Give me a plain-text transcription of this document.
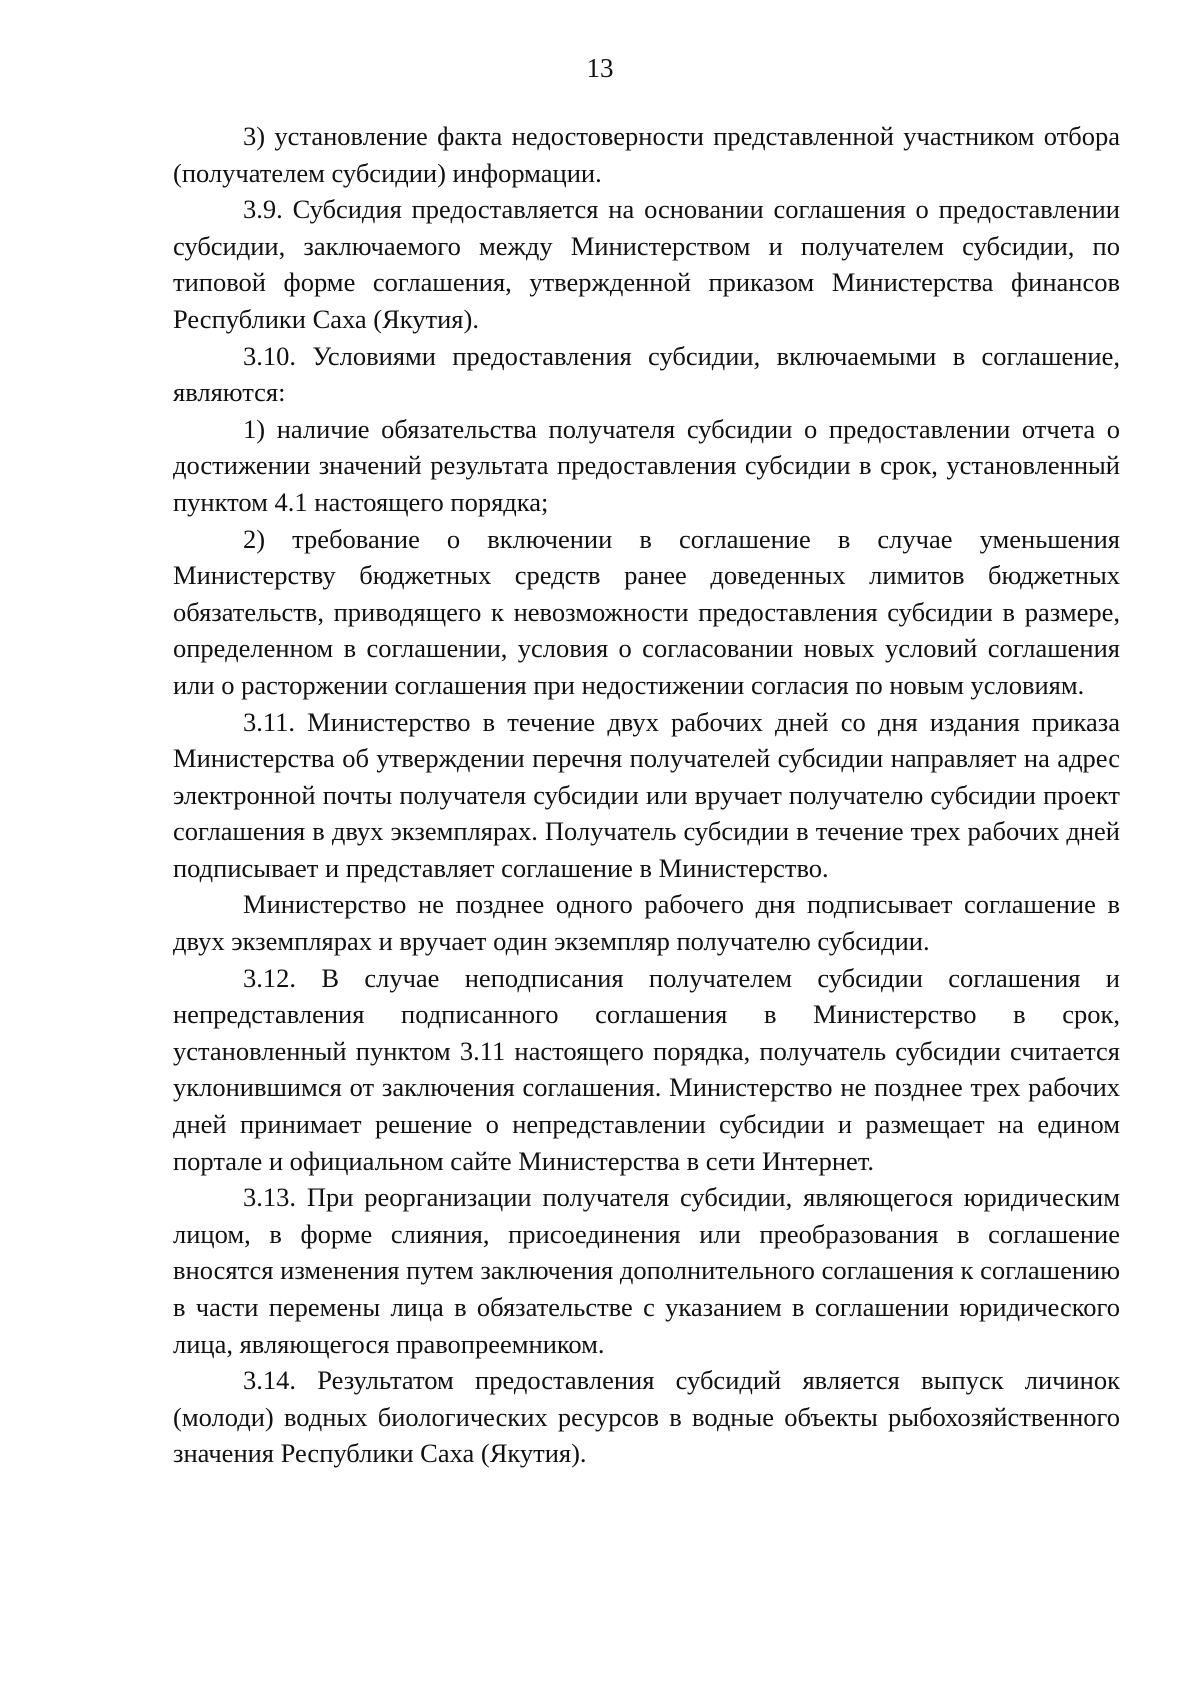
13

3) установление факта недостоверности представленной участником отбора (получателем субсидии) информации.

3.9. Субсидия предоставляется на основании соглашения о предоставлении субсидии, заключаемого между Министерством и получателем субсидии, по типовой форме соглашения, утвержденной приказом Министерства финансов Республики Саха (Якутия).

3.10. Условиями предоставления субсидии, включаемыми в соглашение, являются:

1) наличие обязательства получателя субсидии о предоставлении отчета о достижении значений результата предоставления субсидии в срок, установленный пунктом 4.1 настоящего порядка;

2) требование о включении в соглашение в случае уменьшения Министерству бюджетных средств ранее доведенных лимитов бюджетных обязательств, приводящего к невозможности предоставления субсидии в размере, определенном в соглашении, условия о согласовании новых условий соглашения или о расторжении соглашения при недостижении согласия по новым условиям.

3.11. Министерство в течение двух рабочих дней со дня издания приказа Министерства об утверждении перечня получателей субсидии направляет на адрес электронной почты получателя субсидии или вручает получателю субсидии проект соглашения в двух экземплярах. Получатель субсидии в течение трех рабочих дней подписывает и представляет соглашение в Министерство.

Министерство не позднее одного рабочего дня подписывает соглашение в двух экземплярах и вручает один экземпляр получателю субсидии.

3.12. В случае неподписания получателем субсидии соглашения и непредставления подписанного соглашения в Министерство в срок, установленный пунктом 3.11 настоящего порядка, получатель субсидии считается уклонившимся от заключения соглашения. Министерство не позднее трех рабочих дней принимает решение о непредставлении субсидии и размещает на едином портале и официальном сайте Министерства в сети Интернет.

3.13. При реорганизации получателя субсидии, являющегося юридическим лицом, в форме слияния, присоединения или преобразования в соглашение вносятся изменения путем заключения дополнительного соглашения к соглашению в части перемены лица в обязательстве с указанием в соглашении юридического лица, являющегося правопреемником.

3.14. Результатом предоставления субсидий является выпуск личинок (молоди) водных биологических ресурсов в водные объекты рыбохозяйственного значения Республики Саха (Якутия).
